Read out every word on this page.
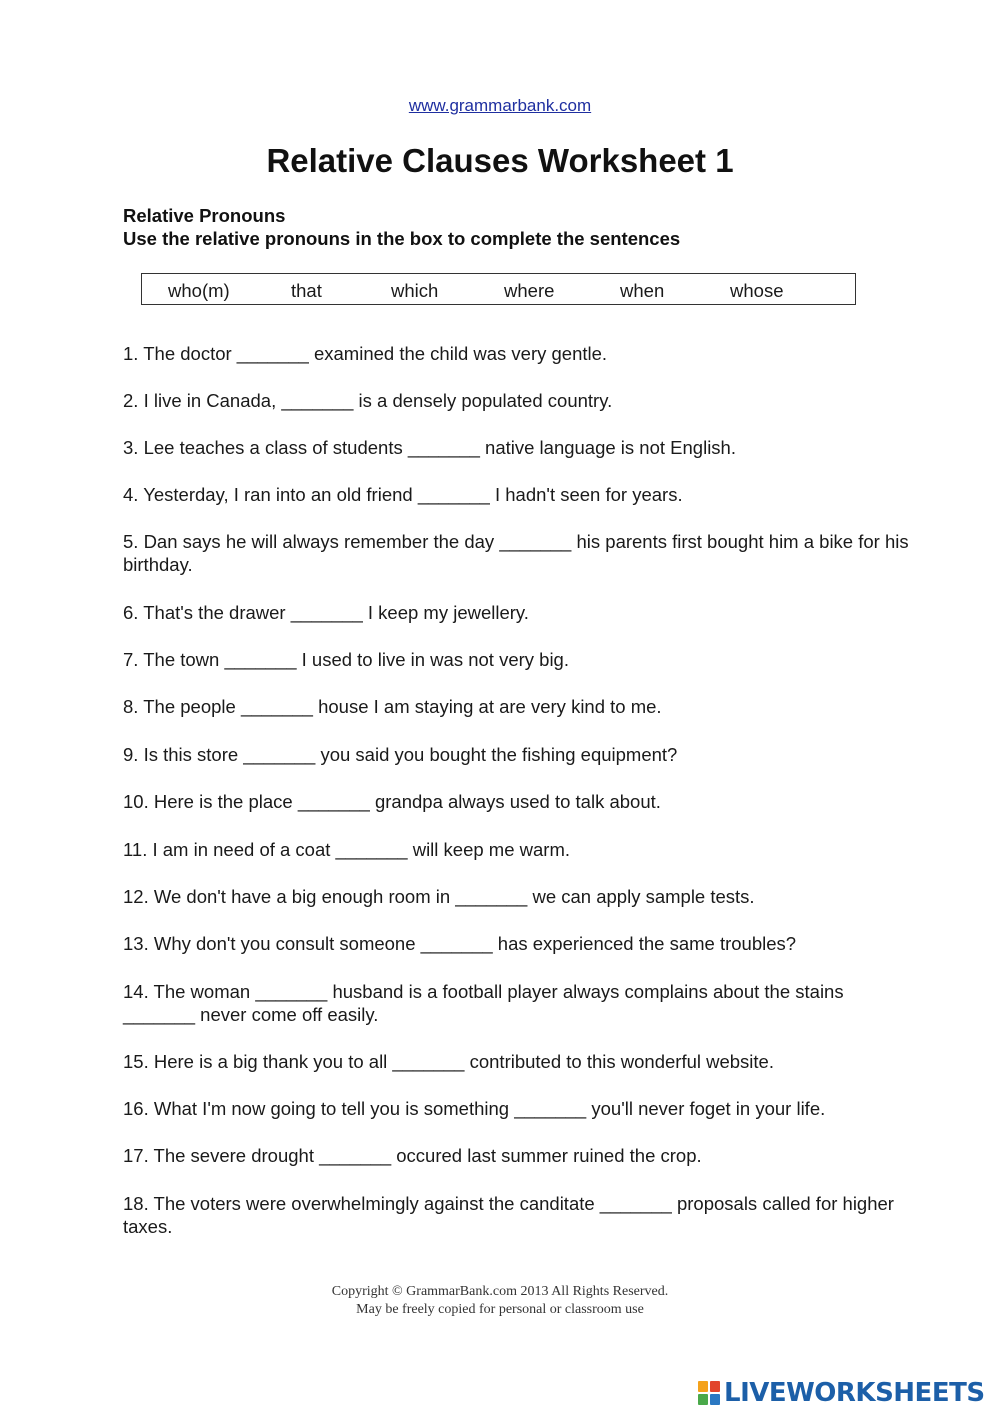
www.grammarbank.com
Relative Clauses Worksheet 1
Relative Pronouns
Use the relative pronouns in the box to complete the sentences
who(m)	that	which	where	when	whose
1. The doctor _______ examined the child was very gentle.
2. I live in Canada, _______ is a densely populated country.
3. Lee teaches a class of students _______ native language is not English.
4. Yesterday, I ran into an old friend _______ I hadn't seen for years.
5. Dan says he will always remember the day _______ his parents first bought him a bike for his birthday.
6. That's the drawer _______ I keep my jewellery.
7. The town _______ I used to live in was not very big.
8. The people _______ house I am staying at are very kind to me.
9. Is this store _______ you said you bought the fishing equipment?
10. Here is the place _______ grandpa always used to talk about.
11. I am in need of a coat _______ will keep me warm.
12. We don't have a big enough room in _______ we can apply sample tests.
13. Why don't you consult someone _______ has experienced the same troubles?
14. The woman _______ husband is a football player always complains about the stains _______ never come off easily.
15. Here is a big thank you to all _______ contributed to this wonderful website.
16. What I'm now going to tell you is something _______ you'll never foget in your life.
17. The severe drought _______ occured last summer ruined the crop.
18. The voters were overwhelmingly against the canditate _______ proposals called for higher taxes.
Copyright © GrammarBank.com 2013 All Rights Reserved.
May be freely copied for personal or classroom use
LIVEWORKSHEETS
